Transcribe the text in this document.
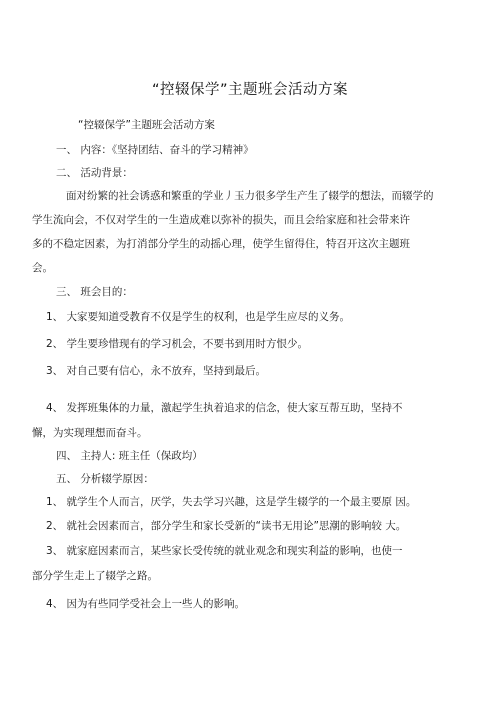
“控辍保学”主题班会活动方案
“控辍保学”主题班会活动方案
一、 内容：《坚持团结、奋斗的学习精神》
二、 活动背景：
面对纷繁的社会诱惑和繁重的学业丿玉力很多学生产生了辍学的想法，而辍学的
学生流向会，不仅对学生的一生造成难以弥补的损失，而且会给家庭和社会带来许
多的不稳定因素，为打消部分学生的动摇心理，使学生留得住，特召开这次主题班
会。
三、 班会目的：
1、 大家要知道受教育不仅是学生的权利，也是学生应尽的义务。
2、 学生要珍惜现有的学习机会，不要书到用时方恨少。
3、 对自己要有信心，永不放弃，坚持到最后。
4、 发挥班集体的力量，激起学生执着追求的信念，使大家互帮互助，坚持不
懈，为实现理想而奋斗。
四、 主持人: 班主任（保政均）
五、 分析辍学原因：
1、 就学生个人而言，厌学，失去学习兴趣，这是学生辍学的一个最主要原 因。
2、 就社会因素而言，部分学生和家长受新的“读书无用论”思潮的影响较 大。
3、 就家庭因素而言，某些家长受传统的就业观念和现实利益的影响，也使一
部分学生走上了辍学之路。
4、 因为有些同学受社会上一些人的影响。
